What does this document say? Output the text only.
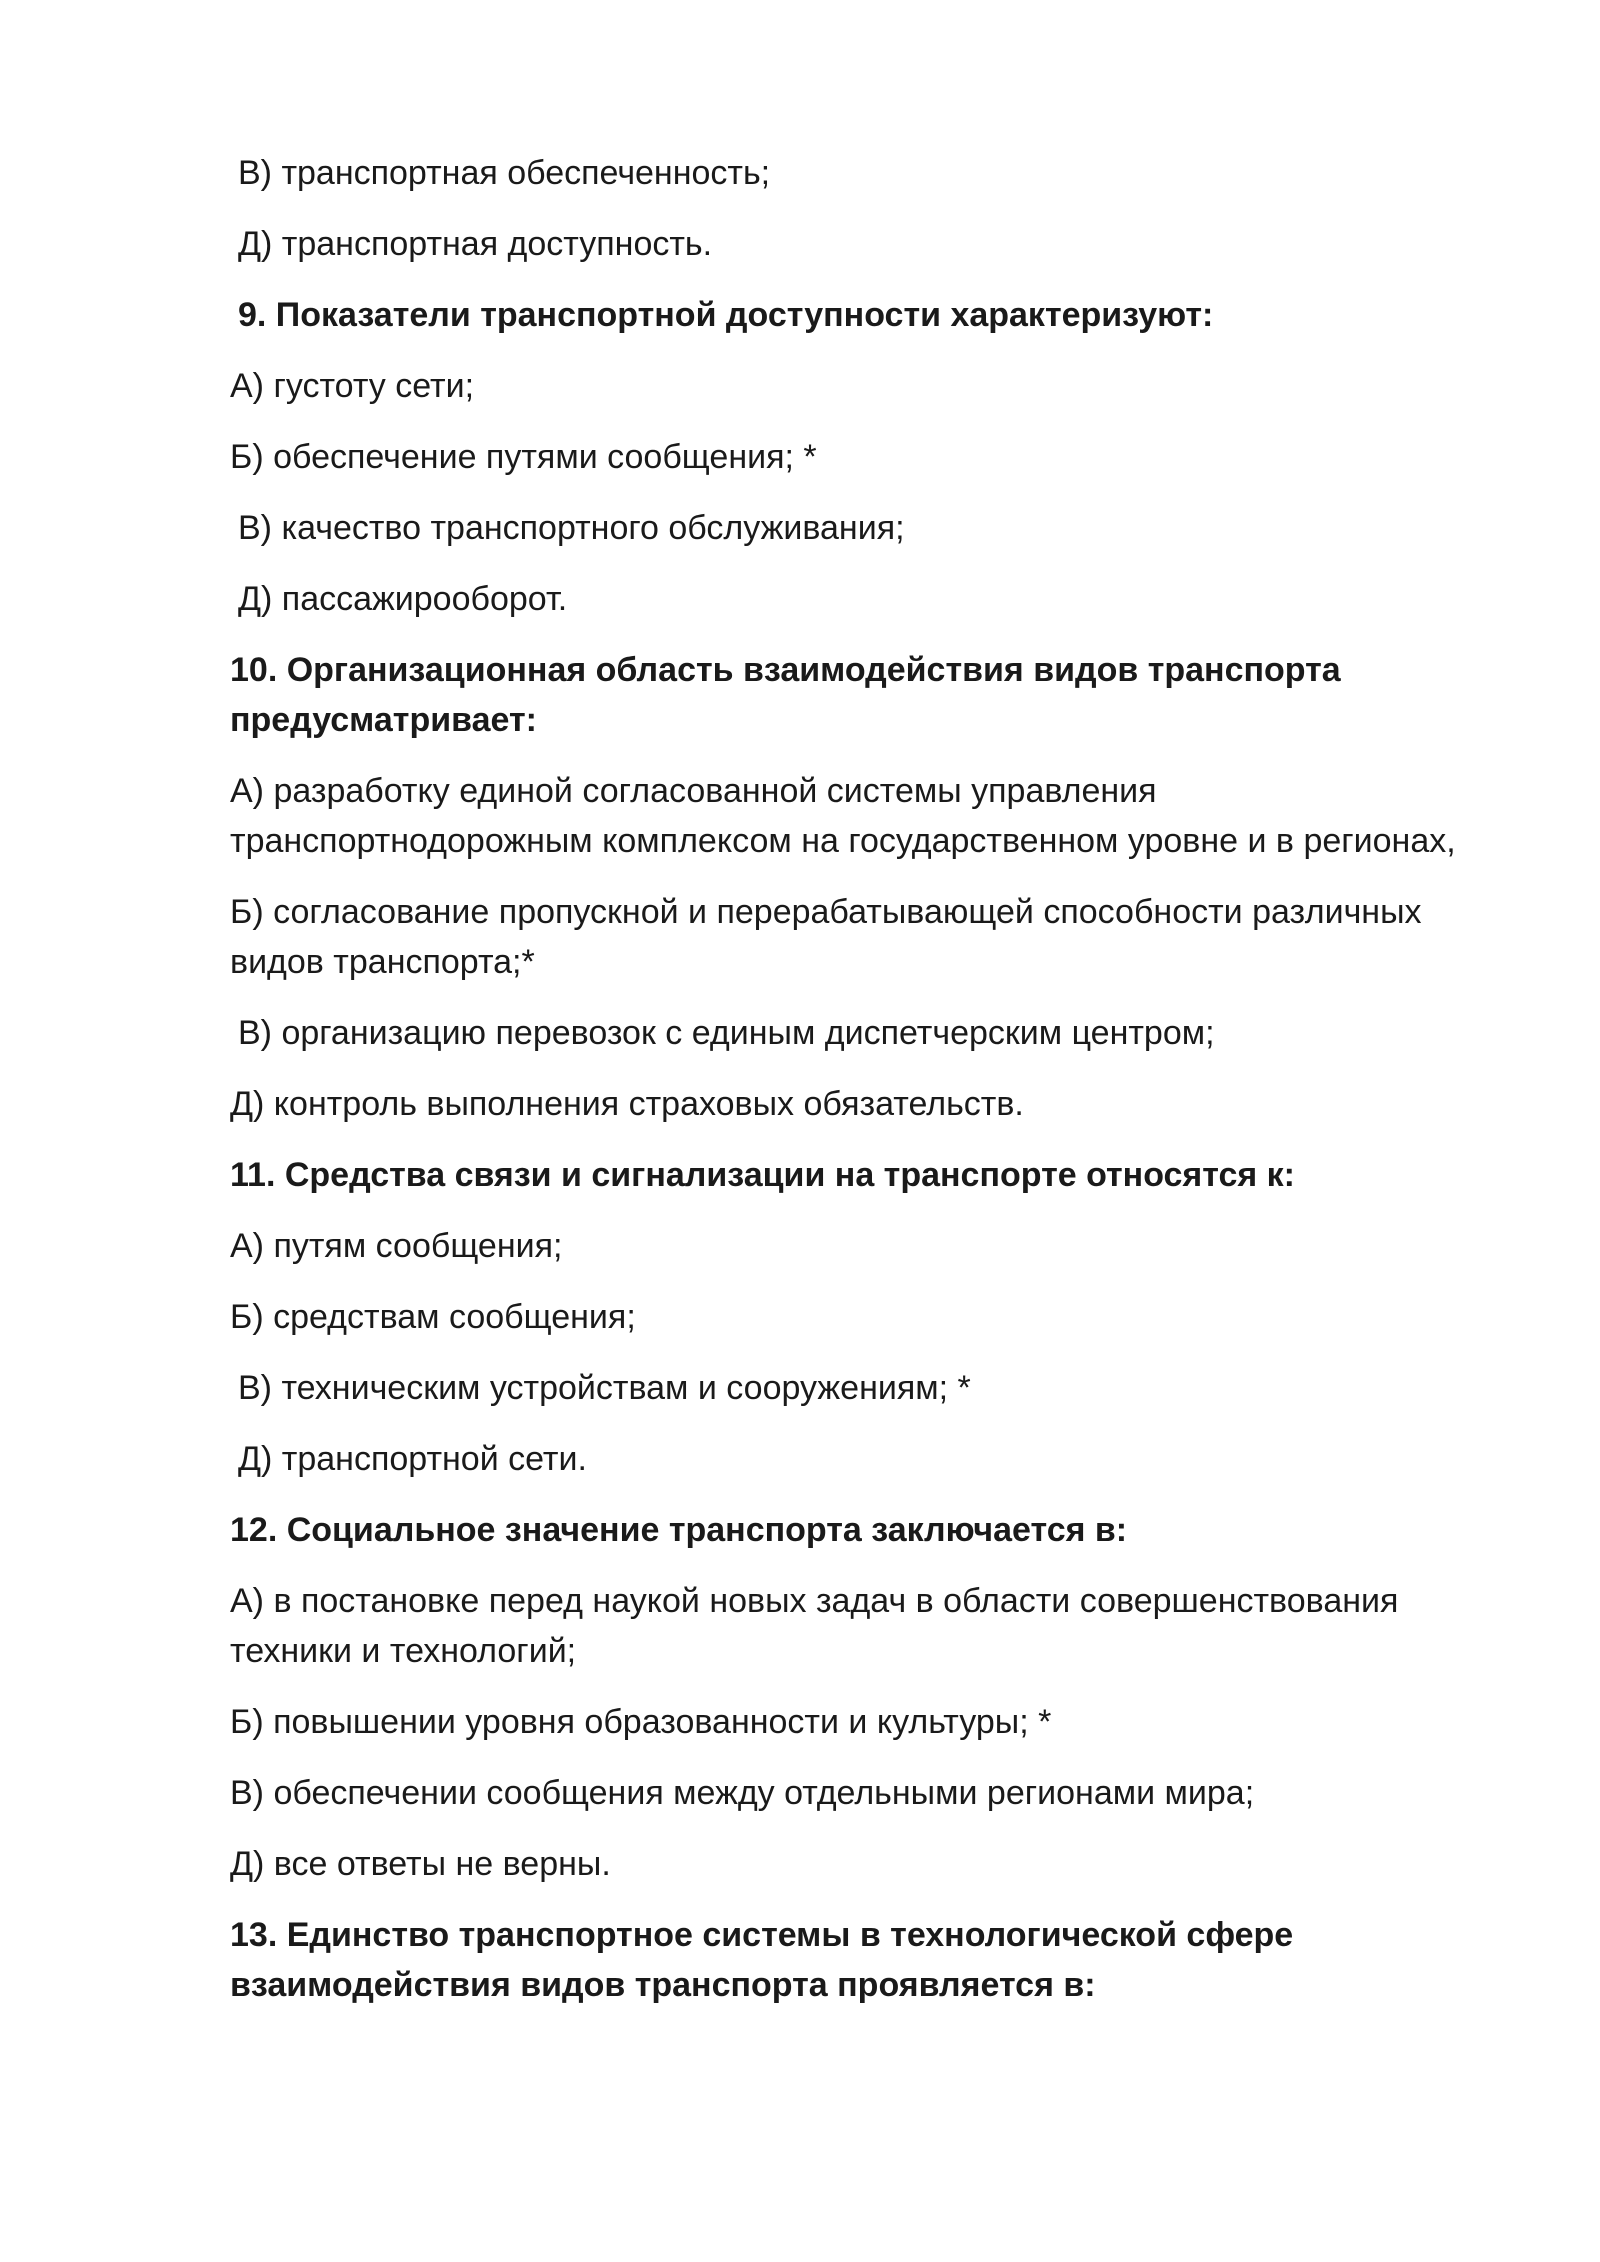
В) транспортная обеспеченность;

Д) транспортная доступность.

9. Показатели транспортной доступности характеризуют:

А) густоту сети;

Б) обеспечение путями сообщения; *

В) качество транспортного обслуживания;

Д) пассажирооборот.

10. Организационная область взаимодействия видов транспорта предусматривает:

А) разработку единой согласованной системы управления транспортнодорожным комплексом на государственном уровне и в регионах,

Б) согласование пропускной и перерабатывающей способности различных видов транспорта;*

В) организацию перевозок с единым диспетчерским центром;

Д) контроль выполнения страховых обязательств.

11. Средства связи и сигнализации на транспорте относятся к:

А) путям сообщения;

Б) средствам сообщения;

В) техническим устройствам и сооружениям; *

Д) транспортной сети.

12. Социальное значение транспорта заключается в:

А) в постановке перед наукой новых задач в области совершенствования техники и технологий;

Б) повышении уровня образованности и культуры; *

В) обеспечении сообщения между отдельными регионами мира;

Д) все ответы не верны.

13. Единство транспортное системы в технологической сфере взаимодействия видов транспорта проявляется в:
